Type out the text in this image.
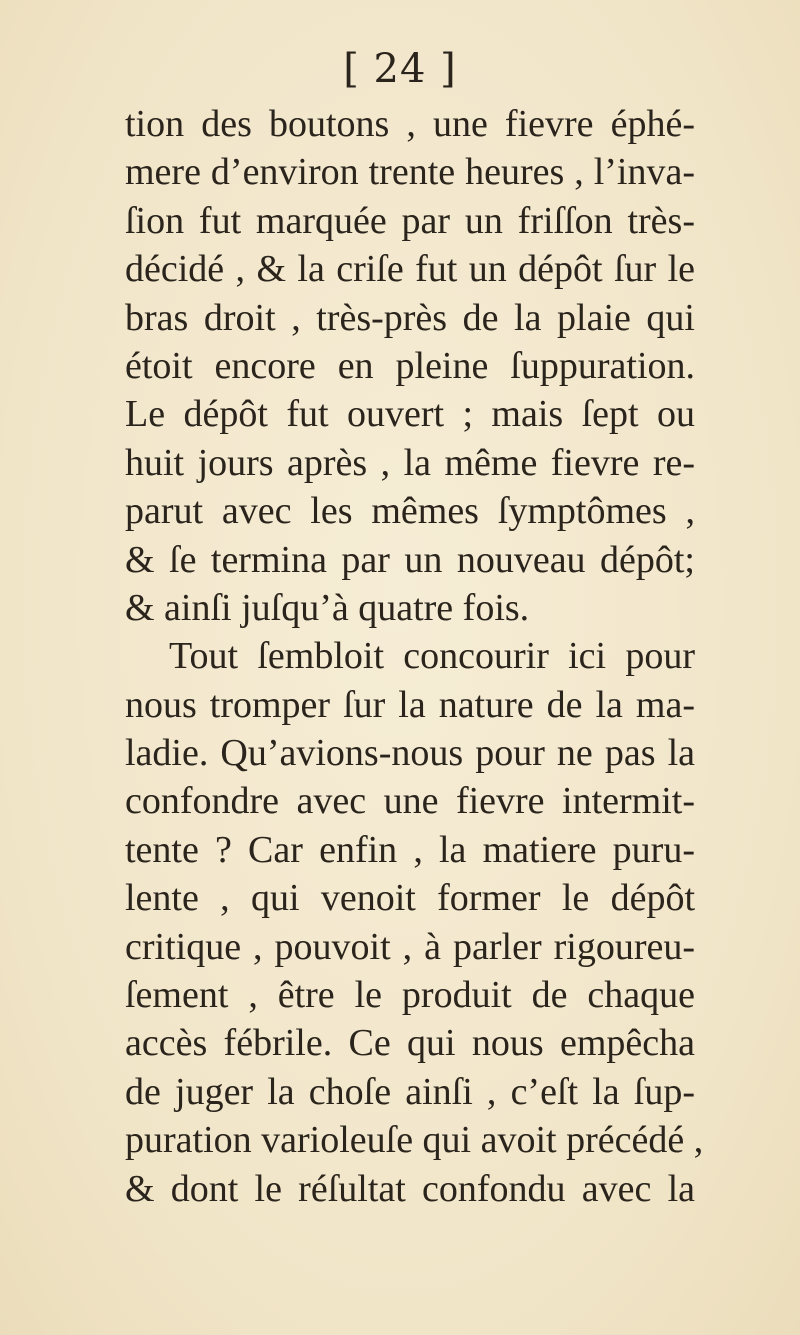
[ 24 ]
tion des boutons , une fievre éphé-
mere d’environ trente heures , l’inva-
ſion fut marquée par un friſſon très-
décidé , & la criſe fut un dépôt ſur le
bras droit , très-près de la plaie qui
étoit encore en pleine ſuppuration.
Le dépôt fut ouvert ; mais ſept ou
huit jours après , la même fievre re-
parut avec les mêmes ſymptômes ,
& ſe termina par un nouveau dépôt;
& ainſi juſqu’à quatre fois.
Tout ſembloit concourir ici pour
nous tromper ſur la nature de la ma-
ladie. Qu’avions-nous pour ne pas la
confondre avec une fievre intermit-
tente ? Car enfin , la matiere puru-
lente , qui venoit former le dépôt
critique , pouvoit , à parler rigoureu-
ſement , être le produit de chaque
accès fébrile. Ce qui nous empêcha
de juger la choſe ainſi , c’eſt la ſup-
puration varioleuſe qui avoit précédé ,
& dont le réſultat confondu avec la
